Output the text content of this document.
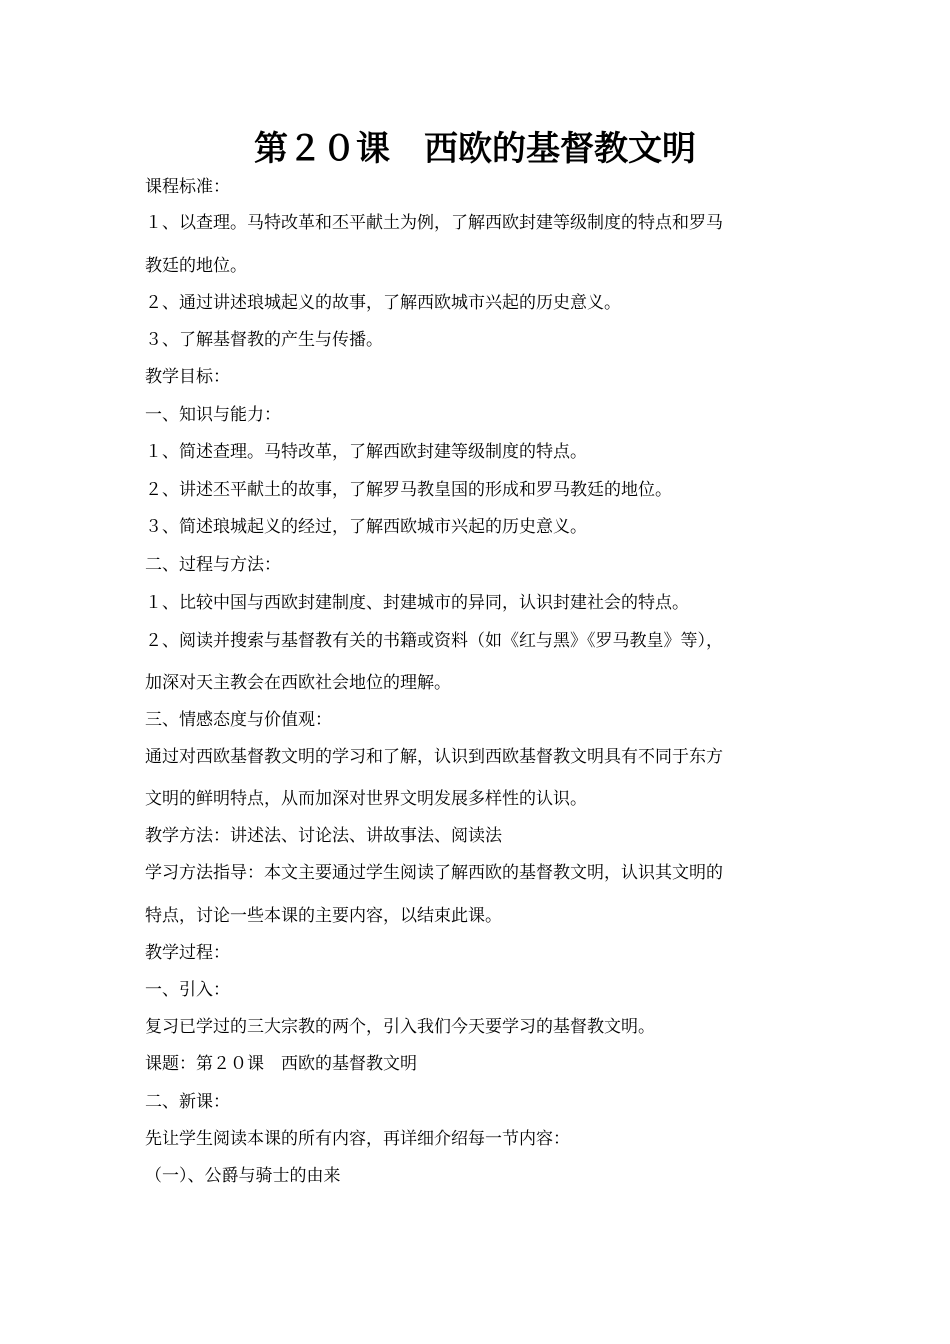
第２０课　西欧的基督教文明

课程标准：

１、以查理。马特改革和丕平献土为例，了解西欧封建等级制度的特点和罗马

教廷的地位。

２、通过讲述琅城起义的故事，了解西欧城市兴起的历史意义。

３、了解基督教的产生与传播。

教学目标：

一、知识与能力：

１、简述查理。马特改革，了解西欧封建等级制度的特点。

２、讲述丕平献土的故事，了解罗马教皇国的形成和罗马教廷的地位。

３、简述琅城起义的经过，了解西欧城市兴起的历史意义。

二、过程与方法：

１、比较中国与西欧封建制度、封建城市的异同，认识封建社会的特点。

２、阅读并搜索与基督教有关的书籍或资料（如《红与黑》《罗马教皇》等），

加深对天主教会在西欧社会地位的理解。

三、情感态度与价值观：

通过对西欧基督教文明的学习和了解，认识到西欧基督教文明具有不同于东方

文明的鲜明特点，从而加深对世界文明发展多样性的认识。

教学方法：讲述法、讨论法、讲故事法、阅读法

学习方法指导：本文主要通过学生阅读了解西欧的基督教文明，认识其文明的

特点，讨论一些本课的主要内容，以结束此课。

教学过程：

一、引入：

复习已学过的三大宗教的两个，引入我们今天要学习的基督教文明。

课题：第２０课　西欧的基督教文明

二、新课：

先让学生阅读本课的所有内容，再详细介绍每一节内容：

（一）、公爵与骑士的由来
